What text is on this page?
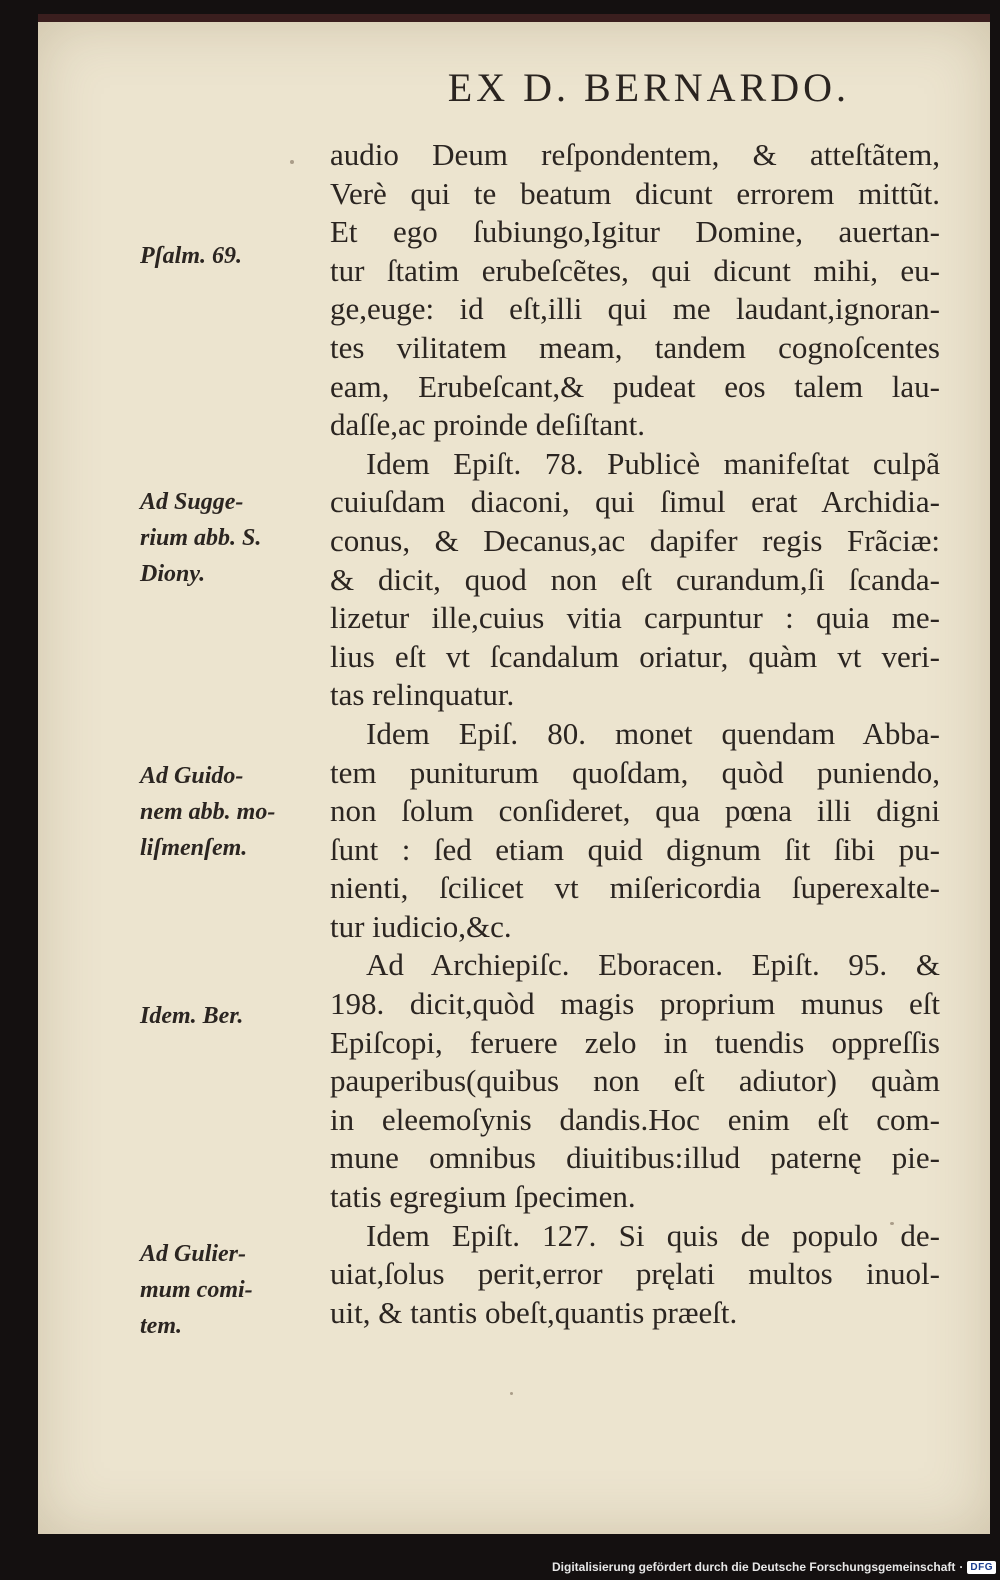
EX D. BERNARDO.
audio Deum reſpondentem, & atteſtãtem,
Verè qui te beatum dicunt errorem mittũt.
Et ego ſubiungo,Igitur Domine, auertan-
tur ſtatim erubeſcẽtes, qui dicunt mihi, eu-
ge,euge: id eſt,illi qui me laudant,ignoran-
tes vilitatem meam, tandem cognoſcentes
eam, Erubeſcant,& pudeat eos talem lau-
daſſe,ac proinde deſiſtant.
Idem Epiſt. 78. Publicè manifeſtat culpã
cuiuſdam diaconi, qui ſimul erat Archidia-
conus, & Decanus,ac dapifer regis Frãciæ:
& dicit, quod non eſt curandum,ſi ſcanda-
lizetur ille,cuius vitia carpuntur : quia me-
lius eſt vt ſcandalum oriatur, quàm vt veri-
tas relinquatur.
Idem Epiſ. 80. monet quendam Abba-
tem puniturum quoſdam, quòd puniendo,
non ſolum conſideret, qua pœna illi digni
ſunt : ſed etiam quid dignum ſit ſibi pu-
nienti, ſcilicet vt miſericordia ſuperexalte-
tur iudicio,&c.
Ad Archiepiſc. Eboracen. Epiſt. 95. &
198. dicit,quòd magis proprium munus eſt
Epiſcopi, feruere zelo in tuendis oppreſſis
pauperibus(quibus non eſt adiutor) quàm
in eleemoſynis dandis.Hoc enim eſt com-
mune omnibus diuitibus:illud paternę pie-
tatis egregium ſpecimen.
Idem Epiſt. 127. Si quis de populo de-
uiat,ſolus perit,error pręlati multos inuol-
uit, & tantis obeſt,quantis præeſt.
Pſalm. 69.
Ad Sugge-
rium abb. S.
Diony.
Ad Guido-
nem abb. mo-
liſmenſem.
Idem. Ber.
Ad Gulier-
mum comi-
tem.
Digitalisierung gefördert durch die Deutsche Forschungsgemeinschaft · DFG
